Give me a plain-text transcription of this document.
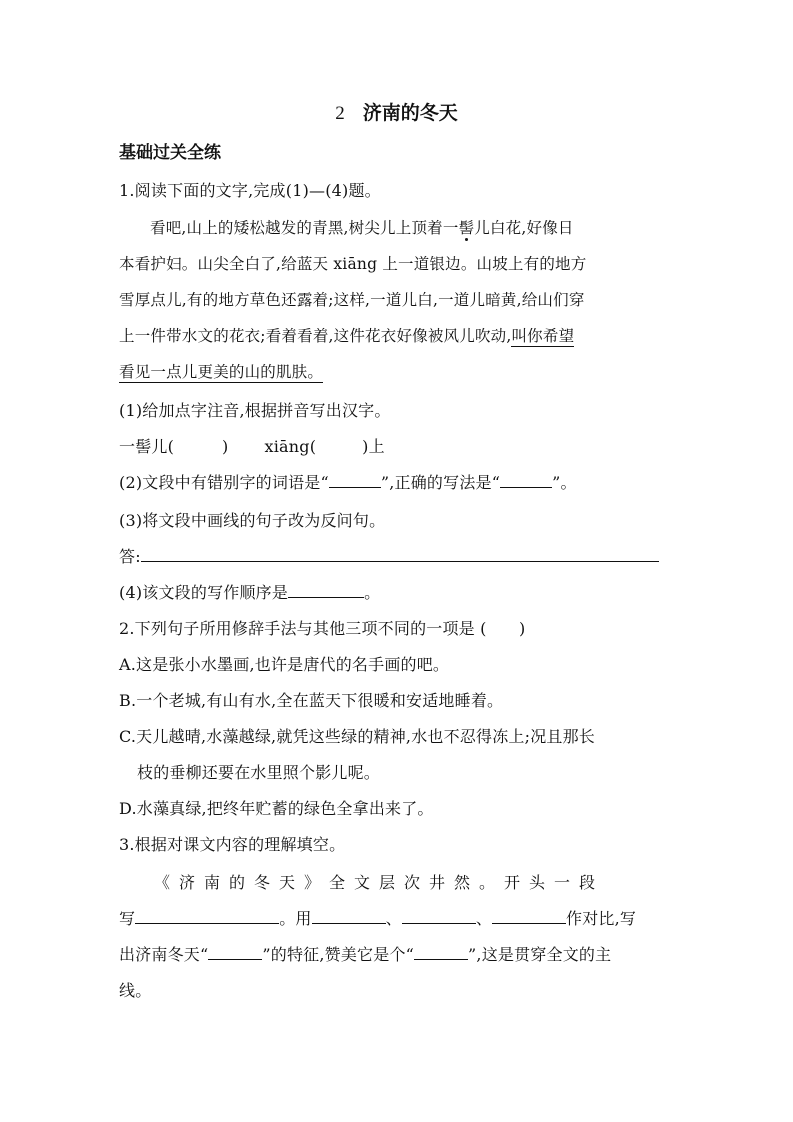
2 济南的冬天
基础过关全练
1.阅读下面的文字,完成(1)—(4)题。
看吧,山上的矮松越发的青黑,树尖儿上顶着一髻儿白花,好像日
本看护妇。山尖全白了,给蓝天 xiāng 上一道银边。山坡上有的地方
雪厚点儿,有的地方草色还露着;这样,一道儿白,一道儿暗黄,给山们穿
上一件带水文的花衣;看着看着,这件花衣好像被风儿吹动,叫你希望
看见一点儿更美的山的肌肤。
(1)给加点字注音,根据拼音写出汉字。
一髻儿(	) xiāng(	)上
(2)文段中有错别字的词语是“	”,正确的写法是“	”。
(3)将文段中画线的句子改为反问句。
答:
(4)该文段的写作顺序是	。
2.下列句子所用修辞手法与其他三项不同的一项是 (　　)
A.这是张小水墨画,也许是唐代的名手画的吧。
B.一个老城,有山有水,全在蓝天下很暖和安适地睡着。
C.天儿越晴,水藻越绿,就凭这些绿的精神,水也不忍得冻上;况且那长
枝的垂柳还要在水里照个影儿呢。
D.水藻真绿,把终年贮蓄的绿色全拿出来了。
3.根据对课文内容的理解填空。
《济南的冬天》全文层次井然。开头一段
写	。用	、	、	作对比,写
出济南冬天“	”的特征,赞美它是个“	”,这是贯穿全文的主
线。
